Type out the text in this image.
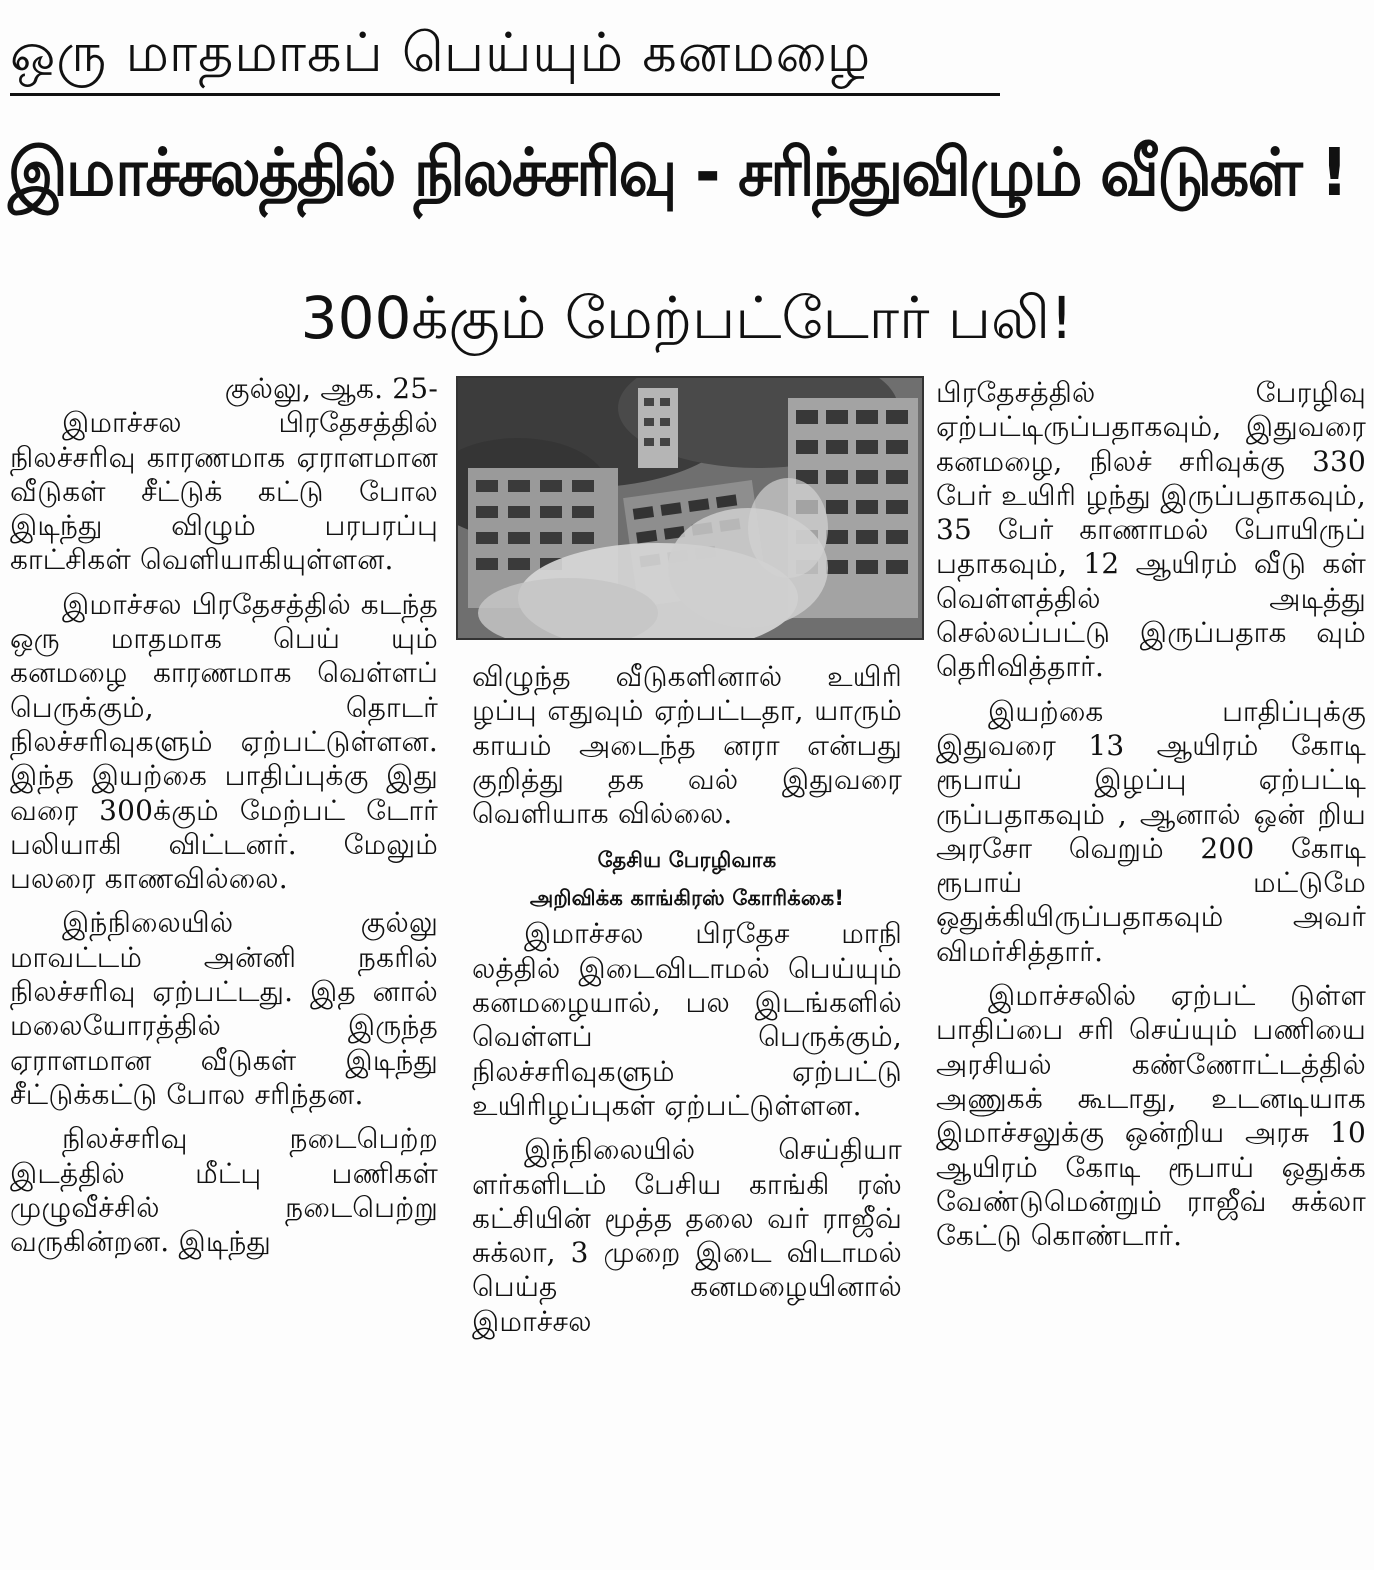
ஒரு மாதமாகப் பெய்யும் கனமழை
இமாச்சலத்தில் நிலச்சரிவு - சரிந்துவிழும் வீடுகள் !
300க்கும் மேற்பட்டோர் பலி!

குல்லு, ஆக. 25-

இமாச்சல பிரதேசத்தில் நிலச்சரிவு காரணமாக ஏராளமான வீடுகள் சீட்டுக் கட்டு போல இடிந்து விழும் பரபரப்பு காட்சிகள் வெளியாகியுள்ளன.

இமாச்சல பிரதேசத்தில் கடந்த ஒரு மாதமாக பெய் யும் கனமழை காரணமாக வெள்ளப் பெருக்கும், தொடர் நிலச்சரிவுகளும் ஏற்பட்டுள்ளன. இந்த இயற்கை பாதிப்புக்கு இது வரை 300க்கும் மேற்பட் டோர் பலியாகி விட்டனர். மேலும் பலரை காணவில்லை.

இந்நிலையில் குல்லு மாவட்டம் அன்னி நகரில் நிலச்சரிவு ஏற்பட்டது. இத னால் மலையோரத்தில் இருந்த ஏராளமான வீடுகள் இடிந்து சீட்டுக்கட்டு போல சரிந்தன.

நிலச்சரிவு நடைபெற்ற இடத்தில் மீட்பு பணிகள் முழுவீச்சில் நடைபெற்று வருகின்றன. இடிந்து

விழுந்த வீடுகளினால் உயிரி ழப்பு எதுவும் ஏற்பட்டதா, யாரும் காயம் அடைந்த னரா என்பது குறித்து தக வல் இதுவரை வெளியாக வில்லை.

தேசிய பேரழிவாக
அறிவிக்க காங்கிரஸ் கோரிக்கை!

இமாச்சல பிரதேச மாநி லத்தில் இடைவிடாமல் பெய்யும் கனமழையால், பல இடங்களில் வெள்ளப் பெருக்கும், நிலச்சரிவுகளும் ஏற்பட்டு உயிரிழப்புகள் ஏற்பட்டுள்ளன.

இந்நிலையில் செய்தியா ளர்களிடம் பேசிய காங்கி ரஸ் கட்சியின் மூத்த தலை வர் ராஜீவ் சுக்லா, 3 முறை இடை விடாமல் பெய்த கனமழையினால் இமாச்சல

பிரதேசத்தில் பேரழிவு ஏற்பட்டிருப்பதாகவும், இதுவரை கனமழை, நிலச் சரிவுக்கு 330 பேர் உயிரி ழந்து இருப்பதாகவும், 35 பேர் காணாமல் போயிருப் பதாகவும், 12 ஆயிரம் வீடு கள் வெள்ளத்தில் அடித்து செல்லப்பட்டு இருப்பதாக வும் தெரிவித்தார்.

இயற்கை பாதிப்புக்கு இதுவரை 13 ஆயிரம் கோடி ரூபாய் இழப்பு ஏற்பட்டி ருப்பதாகவும் , ஆனால் ஒன் றிய அரசோ வெறும் 200 கோடி ரூபாய் மட்டுமே ஒதுக்கியிருப்பதாகவும் அவர் விமர்சித்தார்.

இமாச்சலில் ஏற்பட் டுள்ள பாதிப்பை சரி செய்யும் பணியை அரசியல் கண்ணோட்டத்தில் அணுகக் கூடாது, உடனடியாக இமாச்சலுக்கு ஒன்றிய அரசு 10 ஆயிரம் கோடி ரூபாய் ஒதுக்க வேண்டுமென்றும் ராஜீவ் சுக்லா கேட்டு கொண்டார்.
